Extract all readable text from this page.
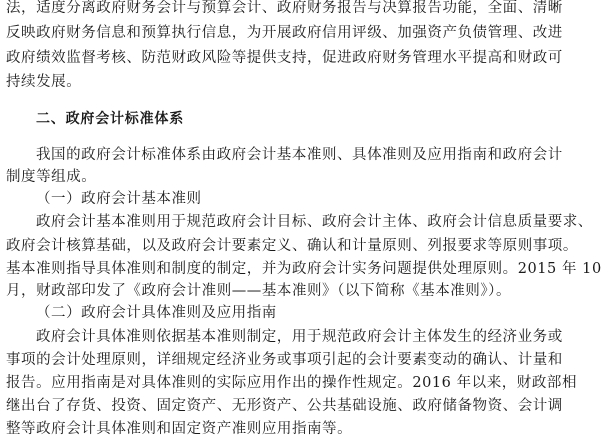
法，适度分离政府财务会计与预算会计、政府财务报告与决算报告功能，全面、清晰
反映政府财务信息和预算执行信息，为开展政府信用评级、加强资产负债管理、改进
政府绩效监督考核、防范财政风险等提供支持，促进政府财务管理水平提高和财政可
持续发展。
二、政府会计标准体系
我国的政府会计标准体系由政府会计基本准则、具体准则及应用指南和政府会计
制度等组成。
（一）政府会计基本准则
政府会计基本准则用于规范政府会计目标、政府会计主体、政府会计信息质量要求、
政府会计核算基础，以及政府会计要素定义、确认和计量原则、列报要求等原则事项。
基本准则指导具体准则和制度的制定，并为政府会计实务问题提供处理原则。2015 年 10
月，财政部印发了《政府会计准则——基本准则》（以下简称《基本准则》）。
（二）政府会计具体准则及应用指南
政府会计具体准则依据基本准则制定，用于规范政府会计主体发生的经济业务或
事项的会计处理原则，详细规定经济业务或事项引起的会计要素变动的确认、计量和
报告。应用指南是对具体准则的实际应用作出的操作性规定。2016 年以来，财政部相
继出台了存货、投资、固定资产、无形资产、公共基础设施、政府储备物资、会计调
整等政府会计具体准则和固定资产准则应用指南等。
